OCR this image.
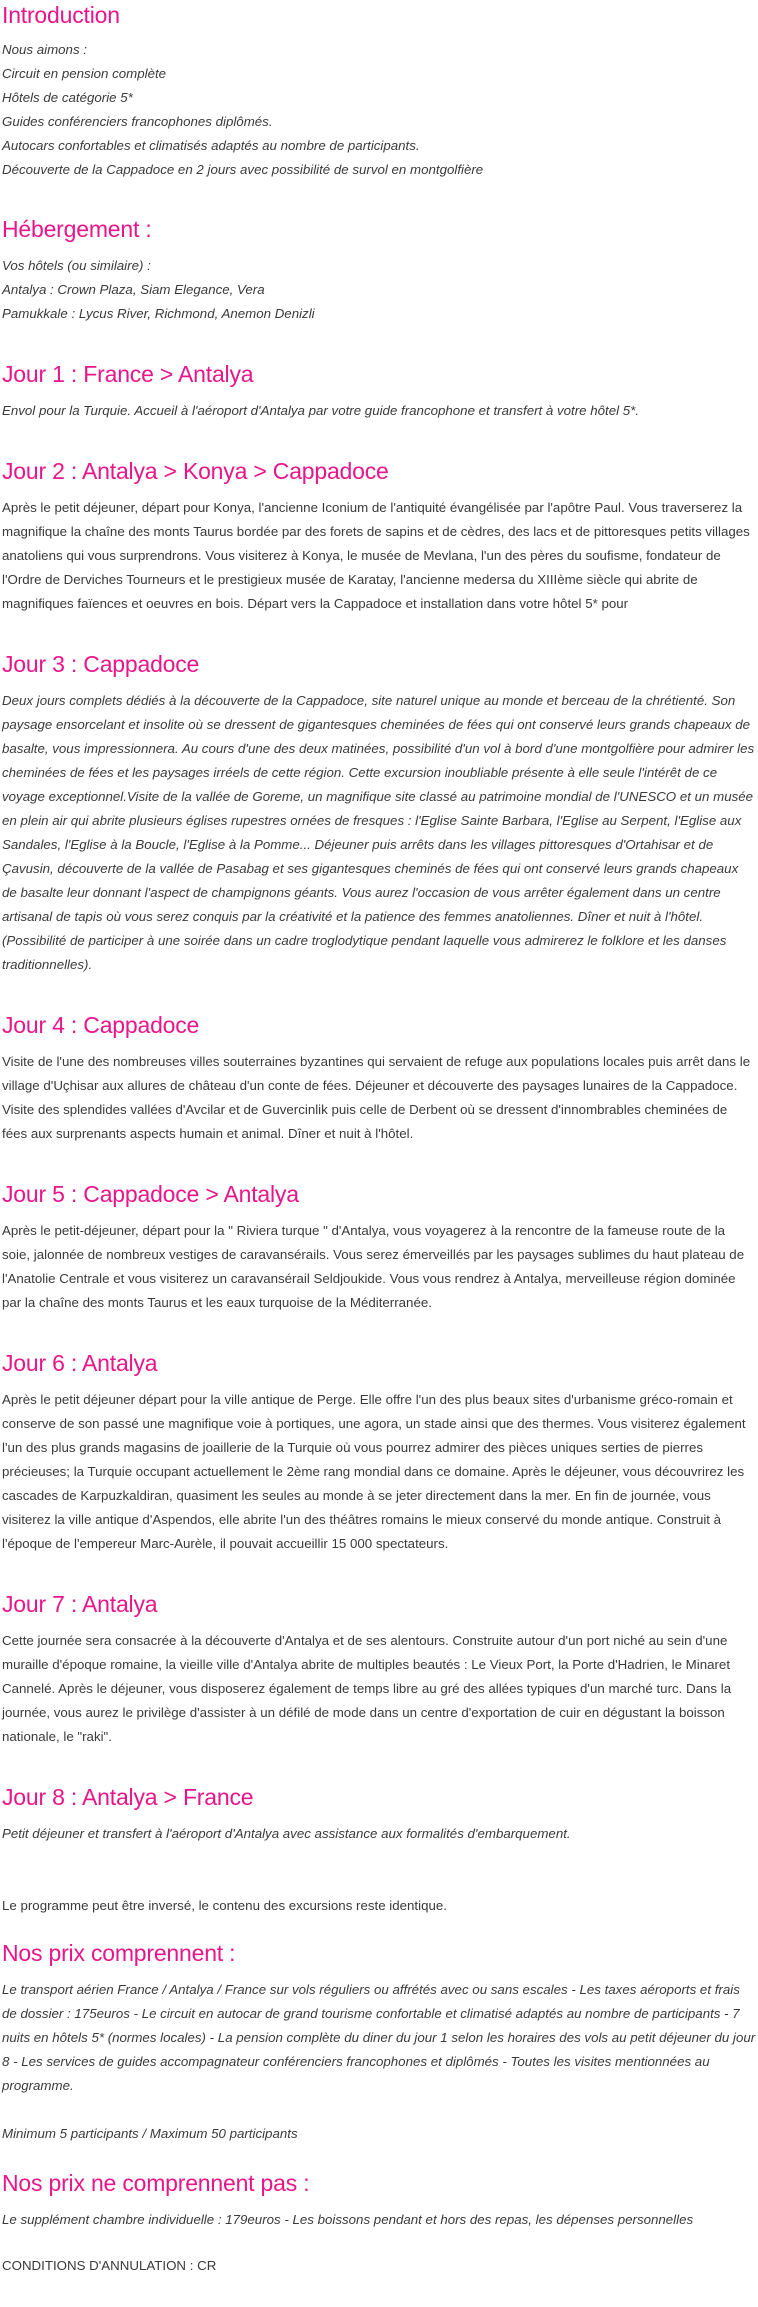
Introduction
Nous aimons :
Circuit en pension complète
Hôtels de catégorie 5*
Guides conférenciers francophones diplômés.
Autocars confortables et climatisés adaptés au nombre de participants.
Découverte de la Cappadoce en 2 jours avec possibilité de survol en montgolfière
Hébergement :
Vos hôtels (ou similaire) :
Antalya : Crown Plaza, Siam Elegance, Vera
Pamukkale : Lycus River, Richmond, Anemon Denizli
Jour 1 : France > Antalya

Envol pour la Turquie. Accueil à l'aéroport d'Antalya par votre guide francophone et transfert à votre hôtel 5*.

Jour 2 : Antalya > Konya > Cappadoce

Après le petit déjeuner, départ pour Konya, l'ancienne Iconium de l'antiquité évangélisée par l'apôtre Paul. Vous traverserez la magnifique la chaîne des monts Taurus bordée par des forets de sapins et de cèdres, des lacs et de pittoresques petits villages anatoliens qui vous surprendrons. Vous visiterez à Konya, le musée de Mevlana, l'un des pères du soufisme, fondateur de l'Ordre de Derviches Tourneurs et le prestigieux musée de Karatay, l'ancienne medersa du XIIIème siècle qui abrite de magnifiques faïences et oeuvres en bois. Départ vers la Cappadoce et installation dans votre hôtel 5* pour

Jour 3 : Cappadoce

Deux jours complets dédiés à la découverte de la Cappadoce, site naturel unique au monde et berceau de la chrétienté. Son paysage ensorcelant et insolite où se dressent de gigantesques cheminées de fées qui ont conservé leurs grands chapeaux de basalte, vous impressionnera. Au cours d'une des deux matinées, possibilité d'un vol à bord d'une montgolfière pour admirer les cheminées de fées et les paysages irréels de cette région. Cette excursion inoubliable présente à elle seule l'intérêt de ce voyage exceptionnel.Visite de la vallée de Goreme, un magnifique site classé au patrimoine mondial de l'UNESCO et un musée en plein air qui abrite plusieurs églises rupestres ornées de fresques : l'Eglise Sainte Barbara, l'Eglise au Serpent, l'Eglise aux Sandales, l'Eglise à la Boucle, l'Eglise à la Pomme... Déjeuner puis arrêts dans les villages pittoresques d'Ortahisar et de Çavusin, découverte de la vallée de Pasabag et ses gigantesques cheminés de fées qui ont conservé leurs grands chapeaux de basalte leur donnant l'aspect de champignons géants. Vous aurez l'occasion de vous arrêter également dans un centre artisanal de tapis où vous serez conquis par la créativité et la patience des femmes anatoliennes. Dîner et nuit à l'hôtel. (Possibilité de participer à une soirée dans un cadre troglodytique pendant laquelle vous admirerez le folklore et les danses traditionnelles).

Jour 4 : Cappadoce

Visite de l'une des nombreuses villes souterraines byzantines qui servaient de refuge aux populations locales puis arrêt dans le village d'Uçhisar aux allures de château d'un conte de fées. Déjeuner et découverte des paysages lunaires de la Cappadoce. Visite des splendides vallées d'Avcilar et de Guvercinlik puis celle de Derbent où se dressent d'innombrables cheminées de fées aux surprenants aspects humain et animal. Dîner et nuit à l'hôtel.

Jour 5 : Cappadoce > Antalya

Après le petit-déjeuner, départ pour la " Riviera turque " d'Antalya, vous voyagerez à la rencontre de la fameuse route de la soie, jalonnée de nombreux vestiges de caravansérails. Vous serez émerveillés par les paysages sublimes du haut plateau de l'Anatolie Centrale et vous visiterez un caravansérail Seldjoukide. Vous vous rendrez à Antalya, merveilleuse région dominée par la chaîne des monts Taurus et les eaux turquoise de la Méditerranée.

Jour 6 : Antalya

Après le petit déjeuner départ pour la ville antique de Perge. Elle offre l'un des plus beaux sites d'urbanisme gréco-romain et conserve de son passé une magnifique voie à portiques, une agora, un stade ainsi que des thermes. Vous visiterez également l'un des plus grands magasins de joaillerie de la Turquie où vous pourrez admirer des pièces uniques serties de pierres précieuses; la Turquie occupant actuellement le 2ème rang mondial dans ce domaine. Après le déjeuner, vous découvrirez les cascades de Karpuzkaldiran, quasiment les seules au monde à se jeter directement dans la mer. En fin de journée, vous visiterez la ville antique d'Aspendos, elle abrite l'un des théâtres romains le mieux conservé du monde antique. Construit à l'époque de l'empereur Marc-Aurèle, il pouvait accueillir 15 000 spectateurs.

Jour 7 : Antalya

Cette journée sera consacrée à la découverte d'Antalya et de ses alentours. Construite autour d'un port niché au sein d'une muraille d'époque romaine, la vieille ville d'Antalya abrite de multiples beautés : Le Vieux Port, la Porte d'Hadrien, le Minaret Cannelé. Après le déjeuner, vous disposerez également de temps libre au gré des allées typiques d'un marché turc. Dans la journée, vous aurez le privilège d'assister à un défilé de mode dans un centre d'exportation de cuir en dégustant la boisson nationale, le "raki".

Jour 8 : Antalya > France

Petit déjeuner et transfert à l'aéroport d'Antalya avec assistance aux formalités d'embarquement.

Le programme peut être inversé, le contenu des excursions reste identique.

Nos prix comprennent :

Le transport aérien France / Antalya / France sur vols réguliers ou affrétés avec ou sans escales - Les taxes aéroports et frais de dossier : 175euros - Le circuit en autocar de grand tourisme confortable et climatisé adaptés au nombre de participants - 7 nuits en hôtels 5* (normes locales) - La pension complète du diner du jour 1 selon les horaires des vols au petit déjeuner du jour 8 - Les services de guides accompagnateur conférenciers francophones et diplômés - Toutes les visites mentionnées au programme.

Minimum 5 participants / Maximum 50 participants

Nos prix ne comprennent pas :

Le supplément chambre individuelle : 179euros - Les boissons pendant et hors des repas, les dépenses personnelles

CONDITIONS D'ANNULATION : CR
